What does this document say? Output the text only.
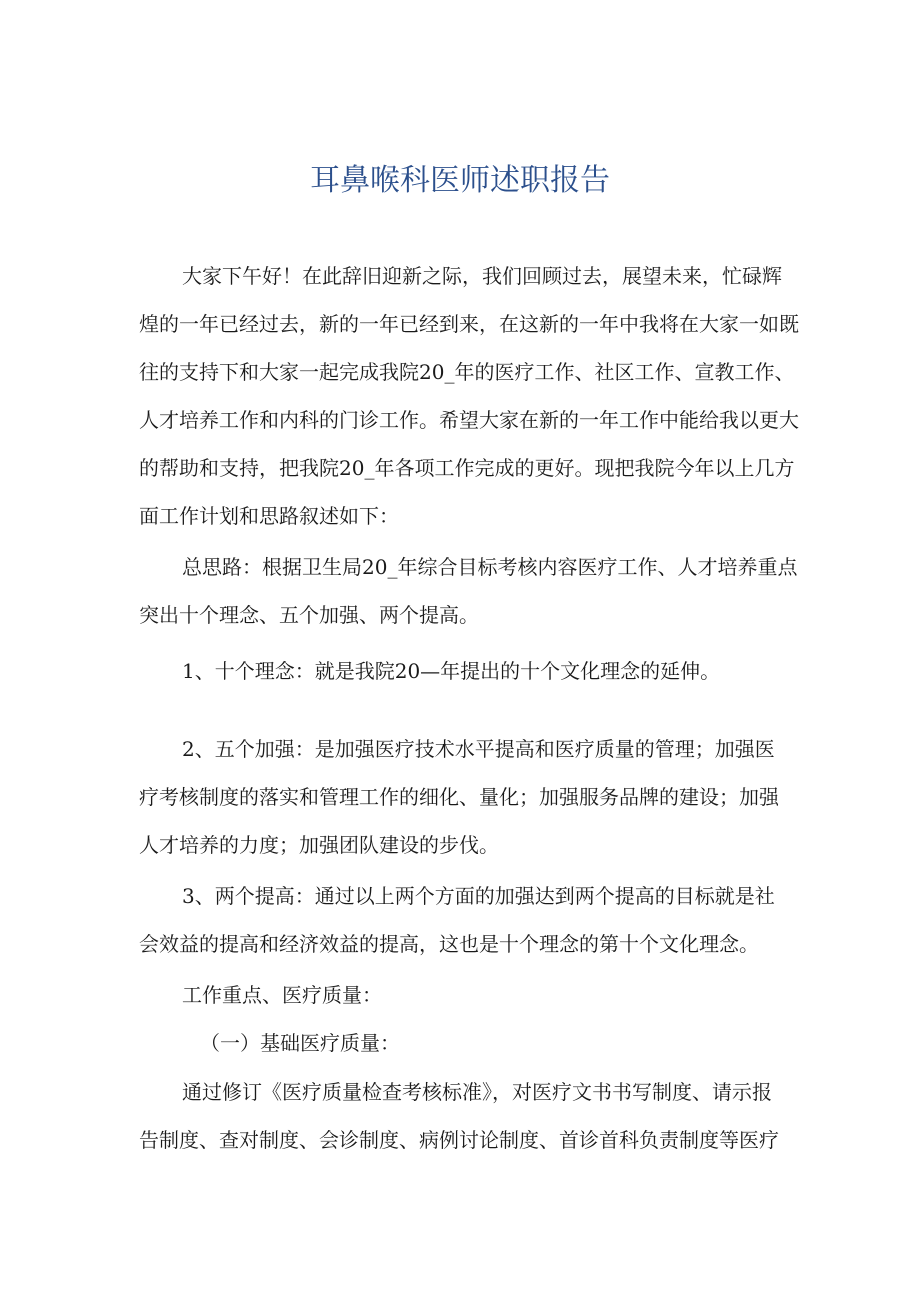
耳鼻喉科医师述职报告
大家下午好！在此辞旧迎新之际，我们回顾过去，展望未来，忙碌辉
煌的一年已经过去，新的一年已经到来，在这新的一年中我将在大家一如既
往的支持下和大家一起完成我院20_年的医疗工作、社区工作、宣教工作、
人才培养工作和内科的门诊工作。希望大家在新的一年工作中能给我以更大
的帮助和支持，把我院20_年各项工作完成的更好。现把我院今年以上几方
面工作计划和思路叙述如下：
总思路：根据卫生局20_年综合目标考核内容医疗工作、人才培养重点
突出十个理念、五个加强、两个提高。
1、十个理念：就是我院20—年提出的十个文化理念的延伸。
2、五个加强：是加强医疗技术水平提高和医疗质量的管理；加强医
疗考核制度的落实和管理工作的细化、量化；加强服务品牌的建设；加强
人才培养的力度；加强团队建设的步伐。
3、两个提高：通过以上两个方面的加强达到两个提高的目标就是社
会效益的提高和经济效益的提高，这也是十个理念的第十个文化理念。
工作重点、医疗质量：
（一）基础医疗质量：
通过修订《医疗质量检查考核标准》，对医疗文书书写制度、请示报
告制度、查对制度、会诊制度、病例讨论制度、首诊首科负责制度等医疗
